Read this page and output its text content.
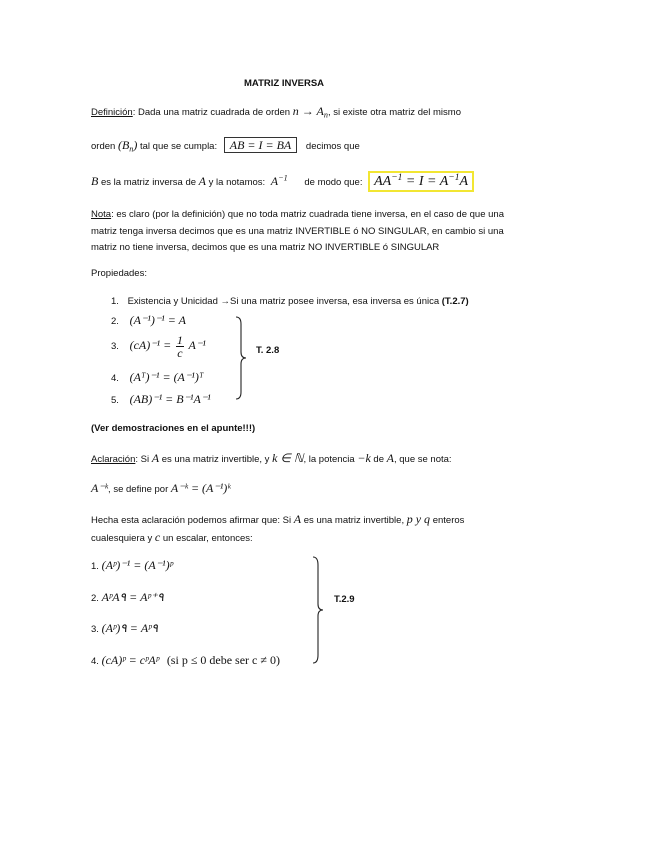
MATRIZ INVERSA
Definición: Dada una matriz cuadrada de orden $n \to A_n$, si existe otra matriz del mismo
orden $(B_n)$ tal que se cumpla: AB = I = BA decimos que
B es la matriz inversa de A y la notamos: $A^{-1}$ de modo que: $AA^{-1} = I = A^{-1}A$
Nota: es claro (por la definición) que no toda matriz cuadrada tiene inversa, en el caso de que una
matriz tenga inversa decimos que es una matriz INVERTIBLE ó NO SINGULAR, en cambio si una
matriz no tiene inversa, decimos que es una matriz NO INVERTIBLE ó SINGULAR
Propiedades:
1. Existencia y Unicidad →Si una matriz posee inversa, esa inversa es única (T.2.7)
2. (A⁻¹)⁻¹ = A
3. $(cA)^{-1} = \frac{1}{c} A^{-1}$
4. (Aᵀ)⁻¹ = (A⁻¹)ᵀ
5. (AB)⁻¹ = B⁻¹A⁻¹
T. 2.8
(Ver demostraciones en el apunte!!!)
Aclaración: Si A es una matriz invertible, y k ∈ ℕ, la potencia −k de A, que se nota:
A⁻ᵏ, se define por A⁻ᵏ = (A⁻¹)ᵏ
Hecha esta aclaración podemos afirmar que: Si A es una matriz invertible, p y q enteros
cualesquiera y c un escalar, entonces:
1. (Aᵖ)⁻¹ = (A⁻¹)ᵖ
2. AᵖA۹ = Aᵖ⁺۹
3. (Aᵖ)۹ = Aᵖ۹
4. (cA)ᵖ = cᵖAᵖ (si p ≤ 0 debe ser c ≠ 0)
T.2.9
